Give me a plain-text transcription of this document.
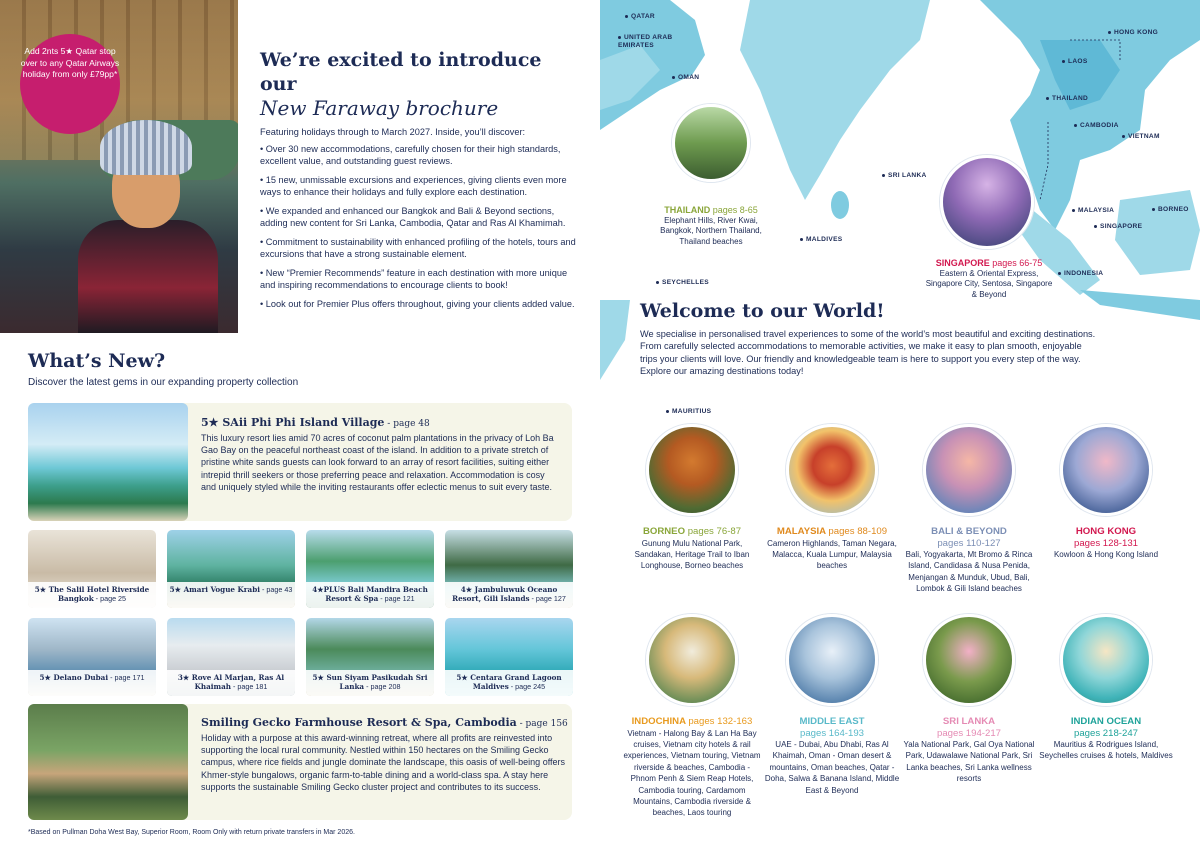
Add 2nts 5★ Qatar stop over to any Qatar Airways holiday from only £79pp*
We’re excited to introduce our
New Faraway brochure
Featuring holidays through to March 2027. Inside, you’ll discover:
• Over 30 new accommodations, carefully chosen for their high standards, excellent value, and outstanding guest reviews.
• 15 new, unmissable excursions and experiences, giving clients even more ways to enhance their holidays and fully explore each destination.
• We expanded and enhanced our Bangkok and Bali & Beyond sections, adding new content for Sri Lanka, Cambodia, Qatar and Ras Al Khamimah.
• Commitment to sustainability with enhanced profiling of the hotels, tours and excursions that have a strong sustainable element.
• New “Premier Recommends” feature in each destination with more unique and inspiring recommendations to encourage clients to book!
• Look out for Premier Plus offers throughout, giving your clients added value.
What’s New?
Discover the latest gems in our expanding property collection
5★ SAii Phi Phi Island Village - page 48
This luxury resort lies amid 70 acres of coconut palm plantations in the privacy of Loh Ba Gao Bay on the peaceful northeast coast of the island. In addition to a private stretch of pristine white sands guests can look forward to an array of resort facilities, suiting either intrepid thrill seekers or those preferring peace and relaxation. Accommodation is cosy and uniquely styled while the inviting restaurants offer eclectic menus to suit every taste.
5★ The Salil Hotel Riverside Bangkok - page 25
5★ Amari Vogue Krabi - page 43	4★PLUS Bali Mandira Beach Resort & Spa - page 121
4★ Jambuluwuk Oceano Resort, Gili Islands - page 127
5★ Delano Dubai - page 171	3★ Rove Al Marjan, Ras Al Khaimah - page 181
5★ Sun Siyam Pasikudah Sri Lanka - page 208
5★ Centara Grand Lagoon Maldives - page 245
Smiling Gecko Farmhouse Resort & Spa, Cambodia - page 156
Holiday with a purpose at this award-winning retreat, where all profits are reinvested into supporting the local rural community. Nestled within 150 hectares on the Smiling Gecko campus, where rice fields and jungle dominate the landscape, this oasis of well-being offers Khmer-style bungalows, organic farm-to-table dining and a world-class spa. A stay here supports the sustainable Smiling Gecko cluster project and contributes to its success.
*Based on Pullman Doha West Bay, Superior Room, Room Only with return private transfers in Mar 2026.
QATAR
UNITED ARAB EMIRATES
OMAN
HONG KONG
LAOS
THAILAND
CAMBODIA
VIETNAM
SRI LANKA
MALAYSIA	BORNEO
SINGAPORE
INDONESIA
MALDIVES
SEYCHELLES
MAURITIUS
THAILAND pages 8-65
Elephant Hills, River Kwai, Bangkok, Northern Thailand, Thailand beaches
SINGAPORE pages 66-75
Eastern & Oriental Express, Singapore City, Sentosa, Singapore & Beyond
Welcome to our World!
We specialise in personalised travel experiences to some of the world’s most beautiful and exciting destinations. From carefully selected accommodations to memorable activities, we make it easy to plan smooth, enjoyable trips your clients will love. Our friendly and knowledgeable team is here to support you every step of the way. Explore our amazing destinations today!
BORNEO pages 76-87
Gunung Mulu National Park, Sandakan, Heritage Trail to Iban Longhouse, Borneo beaches
MALAYSIA pages 88-109
Cameron Highlands, Taman Negara, Malacca, Kuala Lumpur, Malaysia beaches
BALI & BEYOND
pages 110-127
Bali, Yogyakarta, Mt Bromo & Rinca Island, Candidasa & Nusa Penida, Menjangan & Munduk, Ubud, Bali, Lombok & Gili Island beaches
HONG KONG
pages 128-131
Kowloon & Hong Kong Island
INDOCHINA pages 132-163
Vietnam - Halong Bay & Lan Ha Bay cruises, Vietnam city hotels & rail experiences, Vietnam touring, Vietnam riverside & beaches, Cambodia - Phnom Penh & Siem Reap Hotels, Cambodia touring, Cardamom Mountains, Cambodia riverside & beaches, Laos touring
MIDDLE EAST
pages 164-193
UAE - Dubai, Abu Dhabi, Ras Al Khaimah, Oman - Oman desert & mountains, Oman beaches, Qatar - Doha, Salwa & Banana Island, Middle East & Beyond
SRI LANKA
pages 194-217
Yala National Park, Gal Oya National Park, Udawalawe National Park, Sri Lanka beaches, Sri Lanka wellness resorts
INDIAN OCEAN
pages 218-247
Mauritius & Rodrigues Island, Seychelles cruises & hotels, Maldives
